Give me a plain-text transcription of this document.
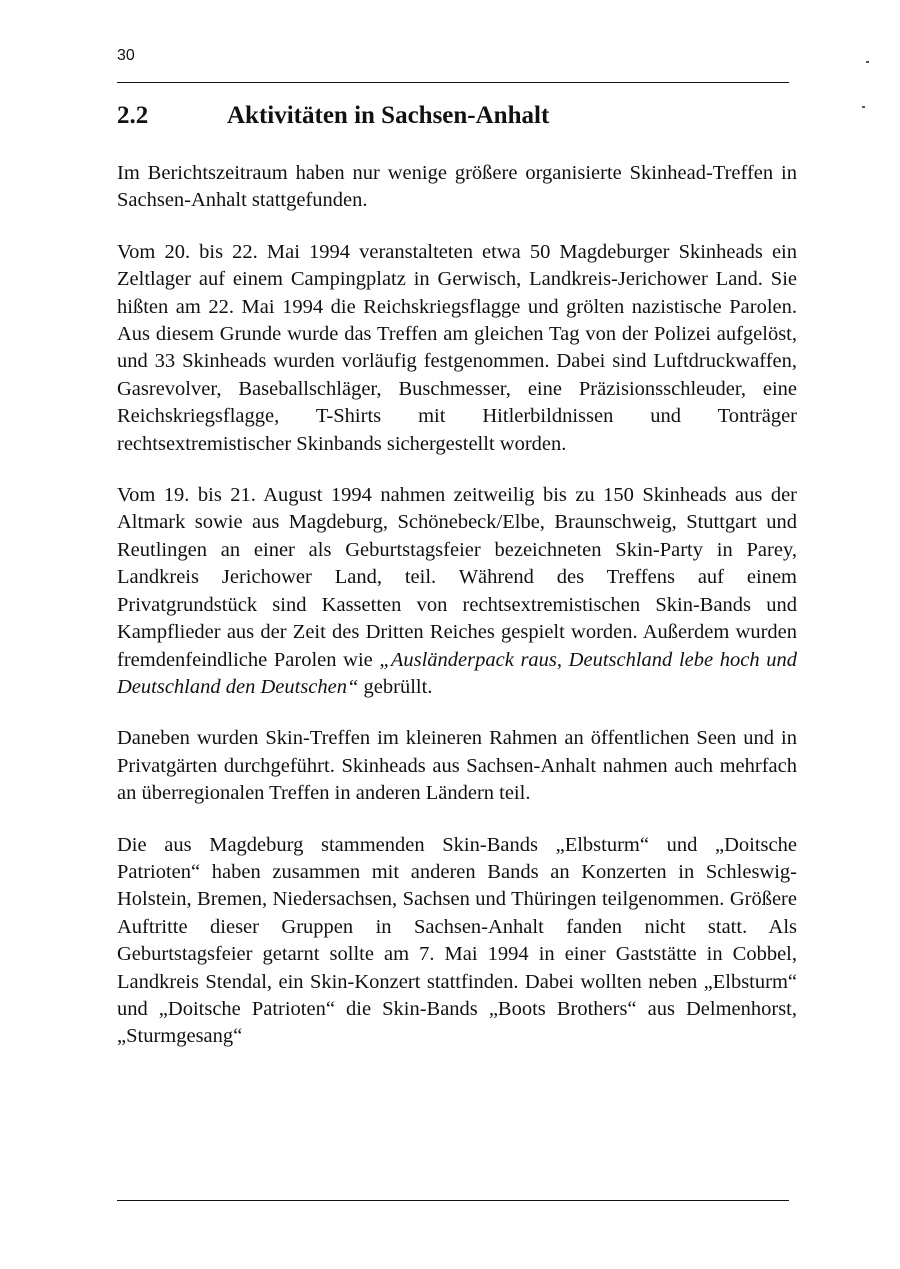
30
2.2	Aktivitäten in Sachsen-Anhalt

Im Berichtszeitraum haben nur wenige größere organisierte Skinhead-Treffen in Sachsen-Anhalt stattgefunden.

Vom 20. bis 22. Mai 1994 veranstalteten etwa 50 Magdeburger Skinheads ein Zeltlager auf einem Campingplatz in Gerwisch, Landkreis-Jerichower Land. Sie hißten am 22. Mai 1994 die Reichskriegsflagge und grölten nazistische Parolen. Aus diesem Grunde wurde das Treffen am gleichen Tag von der Polizei aufgelöst, und 33 Skinheads wurden vorläufig festgenommen. Dabei sind Luftdruckwaffen, Gasrevolver, Baseballschläger, Buschmesser, eine Präzisionsschleuder, eine Reichskriegsflagge, T-Shirts mit Hitlerbildnissen und Tonträger rechtsextremistischer Skinbands sichergestellt worden.

Vom 19. bis 21. August 1994 nahmen zeitweilig bis zu 150 Skinheads aus der Altmark sowie aus Magdeburg, Schönebeck/Elbe, Braunschweig, Stuttgart und Reutlingen an einer als Geburtstagsfeier bezeichneten Skin-Party in Parey, Landkreis Jerichower Land, teil. Während des Treffens auf einem Privatgrundstück sind Kassetten von rechtsextremistischen Skin-Bands und Kampflieder aus der Zeit des Dritten Reiches gespielt worden. Außerdem wurden fremdenfeindliche Parolen wie „Ausländerpack raus, Deutschland lebe hoch und Deutschland den Deutschen“ gebrüllt.

Daneben wurden Skin-Treffen im kleineren Rahmen an öffentlichen Seen und in Privatgärten durchgeführt. Skinheads aus Sachsen-Anhalt nahmen auch mehrfach an überregionalen Treffen in anderen Ländern teil.

Die aus Magdeburg stammenden Skin-Bands „Elbsturm“ und „Doitsche Patrioten“ haben zusammen mit anderen Bands an Konzerten in Schleswig-Holstein, Bremen, Niedersachsen, Sachsen und Thüringen teilgenommen. Größere Auftritte dieser Gruppen in Sachsen-Anhalt fanden nicht statt. Als Geburtstagsfeier getarnt sollte am 7. Mai 1994 in einer Gaststätte in Cobbel, Landkreis Stendal, ein Skin-Konzert stattfinden. Dabei wollten neben „Elbsturm“ und „Doitsche Patrioten“ die Skin-Bands „Boots Brothers“ aus Delmenhorst, „Sturmgesang“
